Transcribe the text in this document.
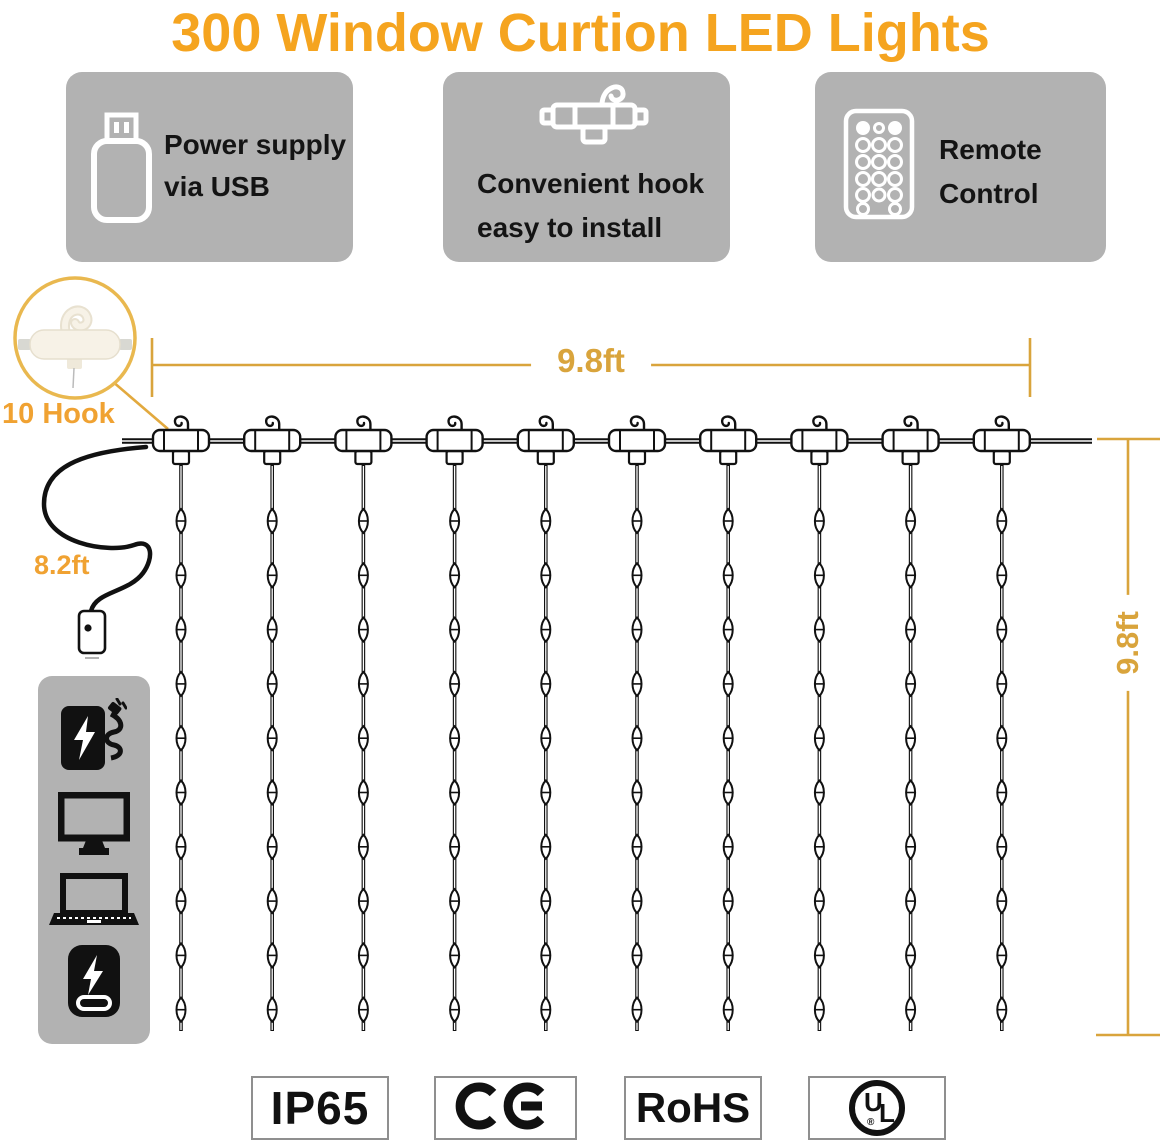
300 Window Curtion LED Lights
Power supply
via USB	Convenient hook
easy to install
Remote
Control
9.8ft
9.8ft
10 Hook
8.2ft
IP65	RoHS	U
L
®
